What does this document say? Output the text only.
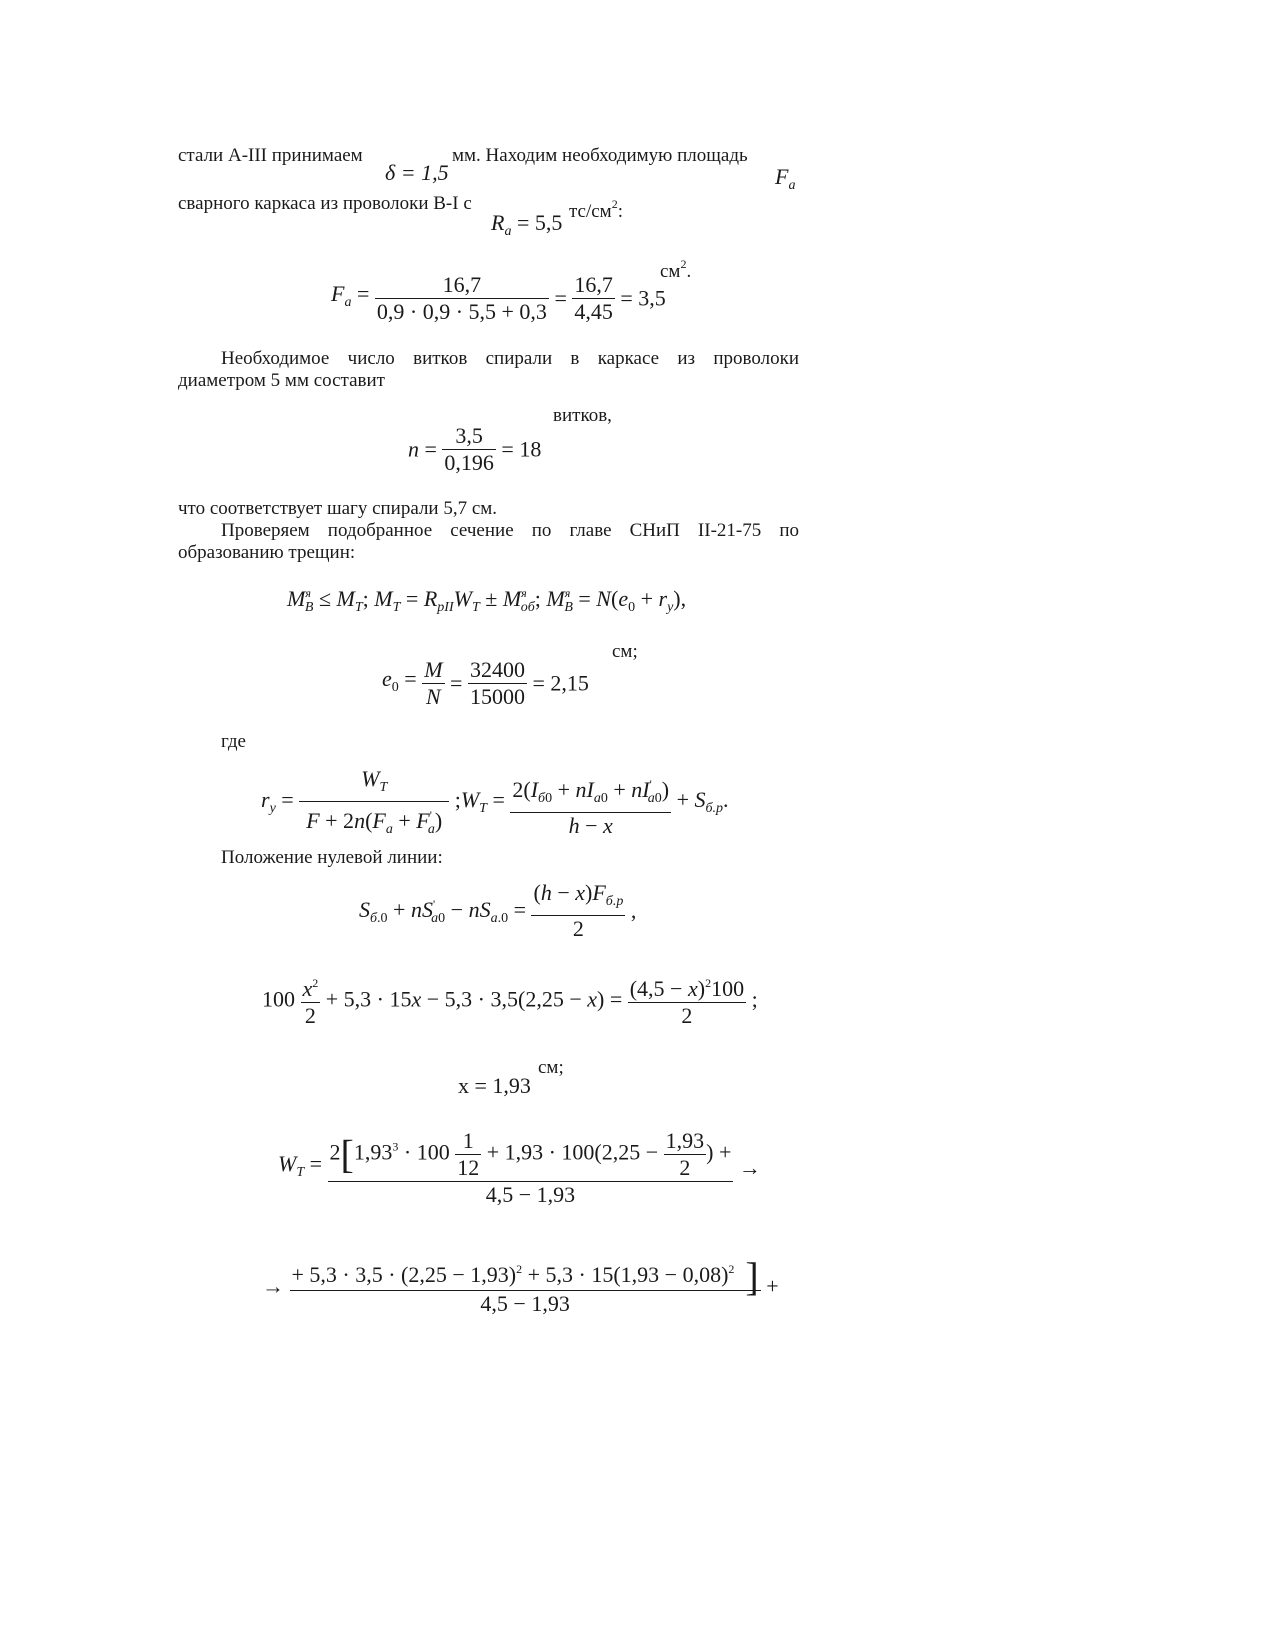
стали A-III принимаем
δ = 1,5
мм. Находим необходимую площадь
$F_a$
сварного каркаса из проволоки B-I с
$R_a = 5,5$ $тс/см^2$:
$см^2$.
$F_a = \frac{16,7}{0,9 \cdot 0,9 \cdot 5,5 + 0,3} = \frac{16,7}{4,45} = 3,5$
Необходимое число витков спирали в каркасе из проволоки
диаметром 5 мм составит
витков,
$n = \frac{3,5}{0,196} = 18$
что соответствует шагу спирали 5,7 см.
Проверяем подобранное сечение по главе СНиП II-21-75 по
образованию трещин:
$M^я_B \le M_T$; $M_T = R_{pII}W_T \pm M^я_{oб}$; $M^я_B = N(e_0 + r_y)$,
см;
$e_0 = \frac{M}{N} = \frac{32400}{15000} = 2,15$
где
$r_y = \frac{W_T}{F + 2n(F_a + F'_a)}$ $;W_T = \frac{2(I_{б0} + nI_{a0} + nI'_{a0})}{h - x} + S_{б.р}$.
Положение нулевой линии:
$S_{б.0} + nS'_{a0} - nS_{a.0} = \frac{(h - x)F_{б.р}}{2}$ ,
$100 \frac{x^2}{2} + 5,3 \cdot 15x - 5,3 \cdot 3,5(2,25 - x) = \frac{(4,5 - x)^2100}{2}$ ;
см;
x = 1,93
$W_T = \frac{2[1,93^3 \cdot 100 \frac{1}{12} + 1,93 \cdot 100(2,25 - \frac{1,93}{2} ) +}{4,5 - 1,93}$ →
→ $\frac{+ 5,3 \cdot 3,5 \cdot (2,25 - 1,93)^2 + 5,3 \cdot 15(1,93 - 0,08)^2 ]}{4,5 - 1,93}$ +
